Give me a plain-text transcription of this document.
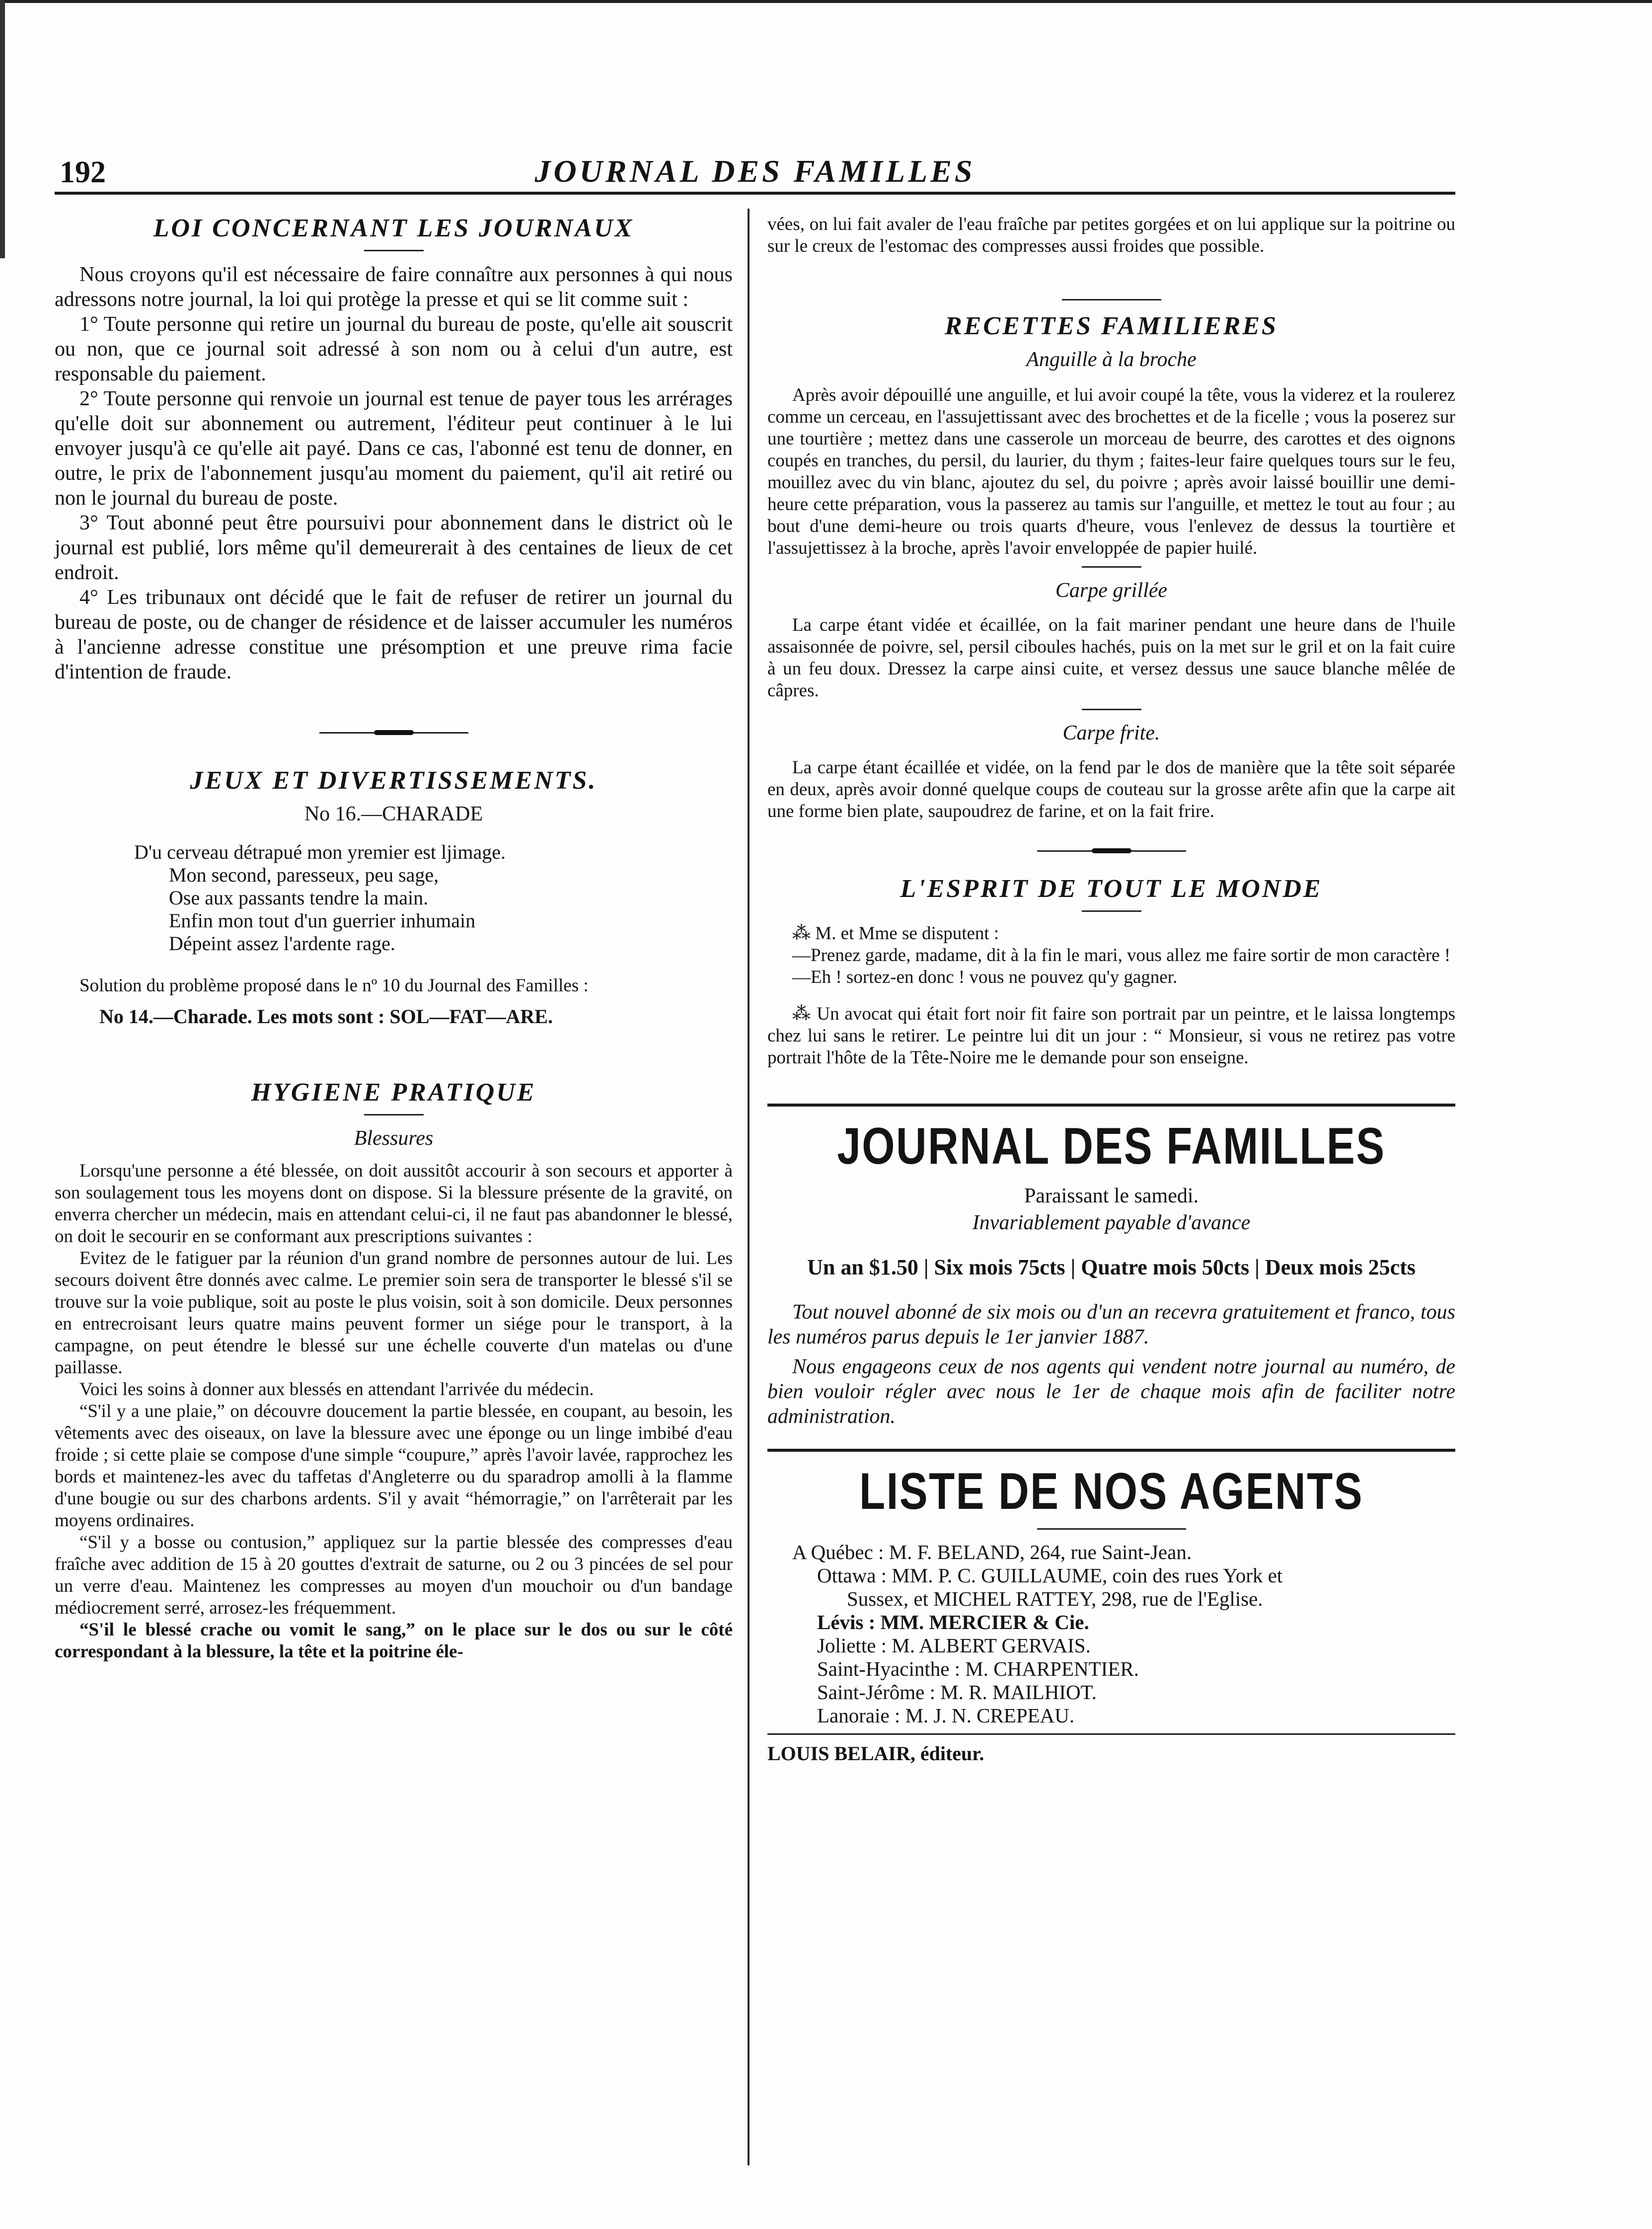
192	JOURNAL DES FAMILLES
LOI CONCERNANT LES JOURNAUX

Nous croyons qu'il est nécessaire de faire connaître aux personnes à qui nous adressons notre journal, la loi qui protège la presse et qui se lit comme suit :

1° Toute personne qui retire un journal du bureau de poste, qu'elle ait souscrit ou non, que ce journal soit adressé à son nom ou à celui d'un autre, est responsable du paiement.

2° Toute personne qui renvoie un journal est tenue de payer tous les arrérages qu'elle doit sur abonnement ou autrement, l'éditeur peut continuer à le lui envoyer jusqu'à ce qu'elle ait payé. Dans ce cas, l'abonné est tenu de donner, en outre, le prix de l'abonnement jusqu'au moment du paiement, qu'il ait retiré ou non le journal du bureau de poste.

3° Tout abonné peut être poursuivi pour abonnement dans le district où le journal est publié, lors même qu'il demeurerait à des centaines de lieux de cet endroit.

4° Les tribunaux ont décidé que le fait de refuser de retirer un journal du bureau de poste, ou de changer de résidence et de laisser accumuler les numéros à l'ancienne adresse constitue une présomption et une preuve rima facie d'intention de fraude.

JEUX ET DIVERTISSEMENTS.

No 16.—CHARADE

D'u cerveau détrapué mon yremier est ljimage.
Mon second, paresseux, peu sage,
Ose aux passants tendre la main.
Enfin mon tout d'un guerrier inhumain
Dépeint assez l'ardente rage.

Solution du problème proposé dans le nº 10 du Journal des Familles :

No 14.—Charade. Les mots sont : SOL—FAT—ARE.

HYGIENE PRATIQUE

Blessures

Lorsqu'une personne a été blessée, on doit aussitôt accourir à son secours et apporter à son soulagement tous les moyens dont on dispose. Si la blessure présente de la gravité, on enverra chercher un médecin, mais en attendant celui-ci, il ne faut pas abandonner le blessé, on doit le secourir en se conformant aux prescriptions suivantes :

Evitez de le fatiguer par la réunion d'un grand nombre de personnes autour de lui. Les secours doivent être donnés avec calme. Le premier soin sera de transporter le blessé s'il se trouve sur la voie publique, soit au poste le plus voisin, soit à son domicile. Deux personnes en entrecroisant leurs quatre mains peuvent former un siége pour le transport, à la campagne, on peut étendre le blessé sur une échelle couverte d'un matelas ou d'une paillasse.

Voici les soins à donner aux blessés en attendant l'arrivée du médecin.

“S'il y a une plaie,” on découvre doucement la partie blessée, en coupant, au besoin, les vêtements avec des oiseaux, on lave la blessure avec une éponge ou un linge imbibé d'eau froide ; si cette plaie se compose d'une simple “coupure,” après l'avoir lavée, rapprochez les bords et maintenez-les avec du taffetas d'Angleterre ou du sparadrop amolli à la flamme d'une bougie ou sur des charbons ardents. S'il y avait “hémorragie,” on l'arrêterait par les moyens ordinaires.

“S'il y a bosse ou contusion,” appliquez sur la partie blessée des compresses d'eau fraîche avec addition de 15 à 20 gouttes d'extrait de saturne, ou 2 ou 3 pincées de sel pour un verre d'eau. Maintenez les compresses au moyen d'un mouchoir ou d'un bandage médiocrement serré, arrosez-les fréquemment.

“S'il le blessé crache ou vomit le sang,” on le place sur le dos ou sur le côté correspondant à la blessure, la tête et la poitrine éle-

vées, on lui fait avaler de l'eau fraîche par petites gorgées et on lui applique sur la poitrine ou sur le creux de l'estomac des compresses aussi froides que possible.

RECETTES FAMILIERES

Anguille à la broche

Après avoir dépouillé une anguille, et lui avoir coupé la tête, vous la viderez et la roulerez comme un cerceau, en l'assujettissant avec des brochettes et de la ficelle ; vous la poserez sur une tourtière ; mettez dans une casserole un morceau de beurre, des carottes et des oignons coupés en tranches, du persil, du laurier, du thym ; faites-leur faire quelques tours sur le feu, mouillez avec du vin blanc, ajoutez du sel, du poivre ; après avoir laissé bouillir une demi-heure cette préparation, vous la passerez au tamis sur l'anguille, et mettez le tout au four ; au bout d'une demi-heure ou trois quarts d'heure, vous l'enlevez de dessus la tourtière et l'assujettissez à la broche, après l'avoir enveloppée de papier huilé.

Carpe grillée

La carpe étant vidée et écaillée, on la fait mariner pendant une heure dans de l'huile assaisonnée de poivre, sel, persil ciboules hachés, puis on la met sur le gril et on la fait cuire à un feu doux. Dressez la carpe ainsi cuite, et versez dessus une sauce blanche mêlée de câpres.

Carpe frite.

La carpe étant écaillée et vidée, on la fend par le dos de manière que la tête soit séparée en deux, après avoir donné quelque coups de couteau sur la grosse arête afin que la carpe ait une forme bien plate, saupoudrez de farine, et on la fait frire.

L'ESPRIT DE TOUT LE MONDE

⁂ M. et Mme se disputent :

—Prenez garde, madame, dit à la fin le mari, vous allez me faire sortir de mon caractère !

—Eh ! sortez-en donc ! vous ne pouvez qu'y gagner.

⁂ Un avocat qui était fort noir fit faire son portrait par un peintre, et le laissa longtemps chez lui sans le retirer. Le peintre lui dit un jour : “ Monsieur, si vous ne retirez pas votre portrait l'hôte de la Tête-Noire me le demande pour son enseigne.

JOURNAL DES FAMILLES

Paraissant le samedi.

Invariablement payable d'avance

Un an $1.50 | Six mois 75cts | Quatre mois 50cts | Deux mois 25cts

Tout nouvel abonné de six mois ou d'un an recevra gratuitement et franco, tous les numéros parus depuis le 1er janvier 1887.

Nous engageons ceux de nos agents qui vendent notre journal au numéro, de bien vouloir régler avec nous le 1er de chaque mois afin de faciliter notre administration.

LISTE DE NOS AGENTS
A Québec : M. F. BELAND, 264, rue Saint-Jean.
Ottawa : MM. P. C. GUILLAUME, coin des rues York et
Sussex, et MICHEL RATTEY, 298, rue de l'Eglise.
Lévis : MM. MERCIER & Cie.
Joliette : M. ALBERT GERVAIS.
Saint-Hyacinthe : M. CHARPENTIER.
Saint-Jérôme : M. R. MAILHIOT.
Lanoraie : M. J. N. CREPEAU.

LOUIS BELAIR, éditeur.
